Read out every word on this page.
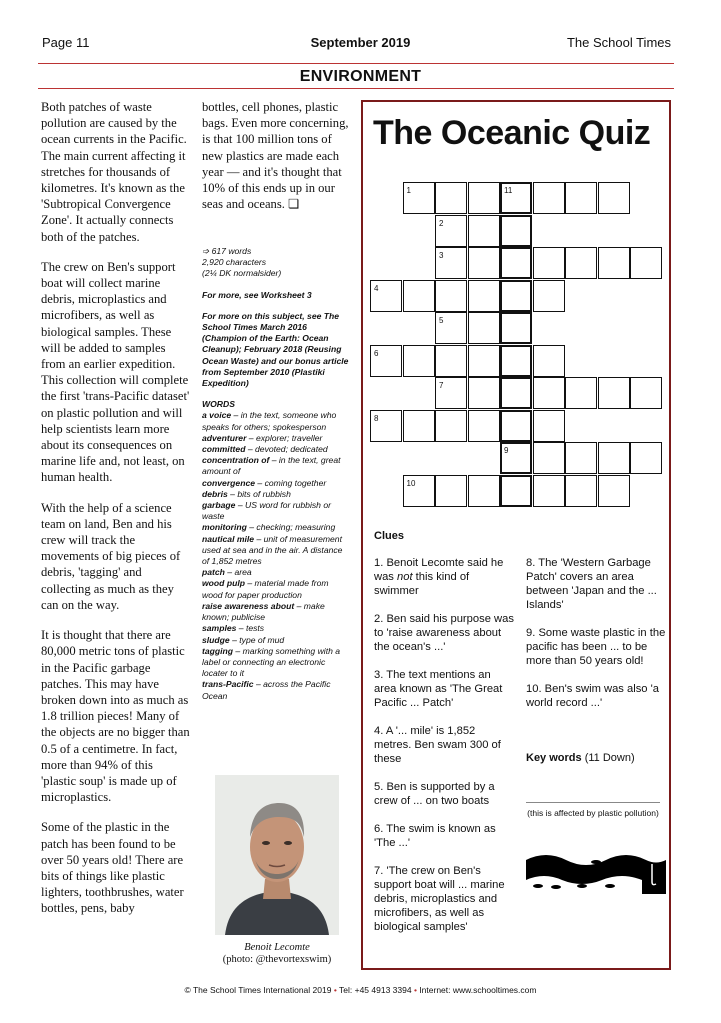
Page 11	September 2019	The School Times
ENVIRONMENT

Both patches of waste pollution are caused by the ocean currents in the Pacific. The main current affecting it stretches for thousands of kilometres. It's known as the 'Subtropical Convergence Zone'. It actually connects both of the patches.

The crew on Ben's support boat will collect marine debris, microplastics and microfibers, as well as biological samples. These will be added to samples from an earlier expedition. This collection will complete the first 'trans-Pacific dataset' on plastic pollution and will help scientists learn more about its consequences on marine life and, not least, on human health.

With the help of a science team on land, Ben and his crew will track the movements of big pieces of debris, 'tagging' and collecting as much as they can on the way.

It is thought that there are 80,000 metric tons of plastic in the Pacific garbage patches. This may have broken down into as much as 1.8 trillion pieces! Many of the objects are no bigger than 0.5 of a centimetre. In fact, more than 94% of this 'plastic soup' is made up of microplastics.

Some of the plastic in the patch has been found to be over 50 years old! There are bits of things like plastic lighters, toothbrushes, water bottles, pens, baby

bottles, cell phones, plastic bags. Even more concerning, is that 100 million tons of new plastics are made each year — and it's thought that 10% of this ends up in our seas and oceans. ❏

➩ 617 words
2,920 characters
(2¼ DK normalsider)

For more, see Worksheet 3

For more on this subject, see The School Times March 2016 (Champion of the Earth: Ocean Cleanup); February 2018 (Reusing Ocean Waste) and our bonus article from September 2010 (Plastiki Expedition)

WORDS
a voice – in the text, someone who speaks for others; spokesperson
adventurer – explorer; traveller
committed – devoted; dedicated
concentration of – in the text, great amount of
convergence – coming together
debris – bits of rubbish
garbage – US word for rubbish or waste
monitoring – checking; measuring
nautical mile – unit of measurement used at sea and in the air. A distance of 1,852 metres
patch – area
wood pulp – material made from wood for paper production
raise awareness about – make known; publicise
samples – tests
sludge – type of mud
tagging – marking something with a label or connecting an electronic locater to it
trans-Pacific – across the Pacific Ocean
Benoit Lecomte
(photo: @thevortexswim)
The Oceanic Quiz
1
2
3
4
5
6
7
8
9
10
11
Clues

1. Benoit Lecomte said he was not this kind of swimmer

2. Ben said his purpose was to 'raise awareness about the ocean's ...'

3. The text mentions an area known as 'The Great Pacific ... Patch'

4. A '... mile' is 1,852 metres. Ben swam 300 of these

5. Ben is supported by a crew of ... on two boats

6. The swim is known as 'The ...'

7. 'The crew on Ben's support boat will ... marine debris, microplastics and microfibers, as well as biological samples'

8. The 'Western Garbage Patch' covers an area between 'Japan and the ... Islands'

9. Some waste plastic in the pacific has been ... to be more than 50 years old!

10. Ben's swim was also 'a world record ...'

Key words (11 Down)
(this is affected by plastic pollution)
© The School Times International 2019 • Tel: +45 4913 3394 • Internet: www.schooltimes.com
